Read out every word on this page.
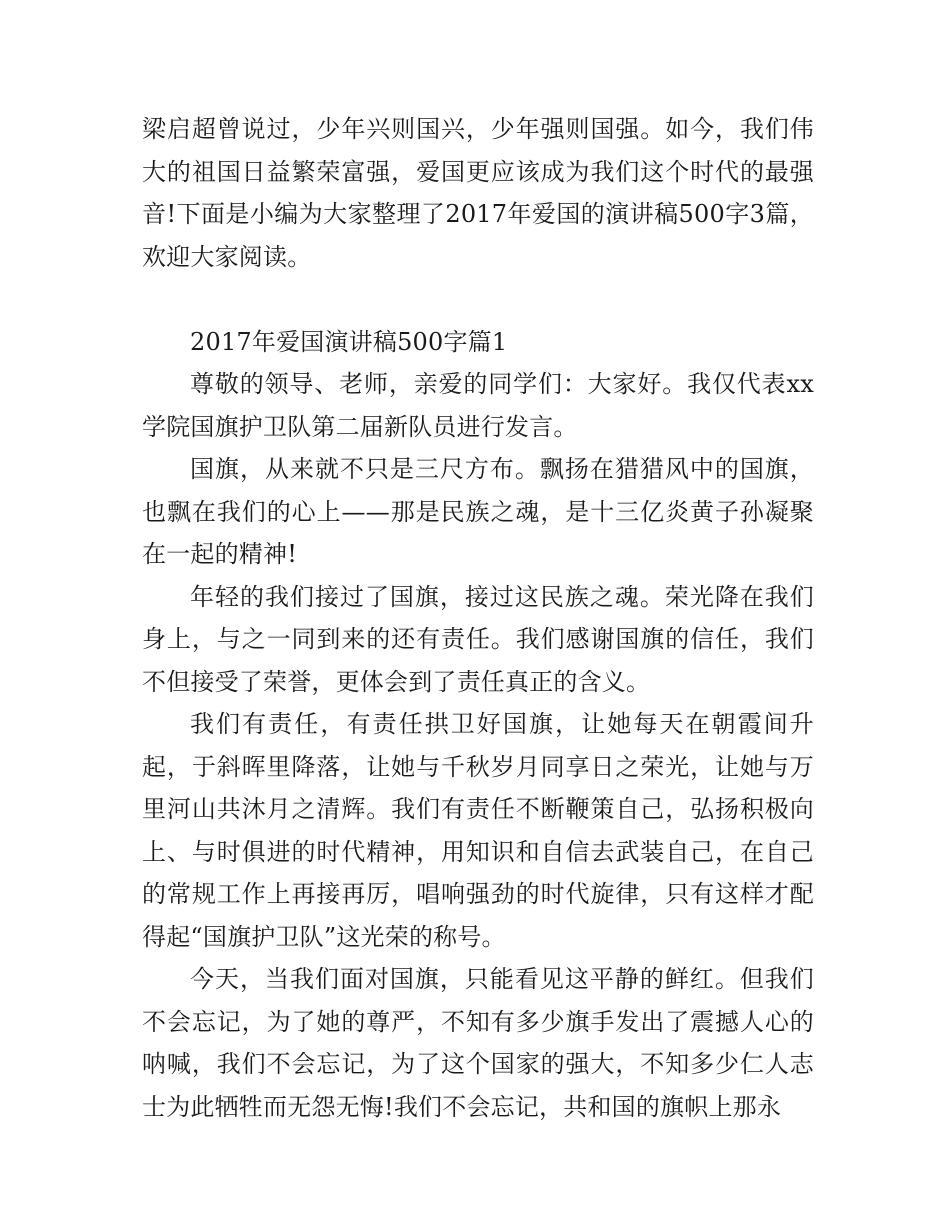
梁启超曾说过，少年兴则国兴，少年强则国强。如今，我们伟大的祖国日益繁荣富强，爱国更应该成为我们这个时代的最强音!下面是小编为大家整理了2017年爱国的演讲稿500字3篇，欢迎大家阅读。

2017年爱国演讲稿500字篇1

尊敬的领导、老师，亲爱的同学们：大家好。我仅代表xx学院国旗护卫队第二届新队员进行发言。

国旗，从来就不只是三尺方布。飘扬在猎猎风中的国旗，也飘在我们的心上——那是民族之魂，是十三亿炎黄子孙凝聚在一起的精神!

年轻的我们接过了国旗，接过这民族之魂。荣光降在我们身上，与之一同到来的还有责任。我们感谢国旗的信任，我们不但接受了荣誉，更体会到了责任真正的含义。

我们有责任，有责任拱卫好国旗，让她每天在朝霞间升起，于斜晖里降落，让她与千秋岁月同享日之荣光，让她与万里河山共沐月之清辉。我们有责任不断鞭策自己，弘扬积极向上、与时俱进的时代精神，用知识和自信去武装自己，在自己的常规工作上再接再厉，唱响强劲的时代旋律，只有这样才配得起“国旗护卫队”这光荣的称号。

今天，当我们面对国旗，只能看见这平静的鲜红。但我们不会忘记，为了她的尊严，不知有多少旗手发出了震撼人心的呐喊，我们不会忘记，为了这个国家的强大，不知多少仁人志士为此牺牲而无怨无悔!我们不会忘记，共和国的旗帜上那永
